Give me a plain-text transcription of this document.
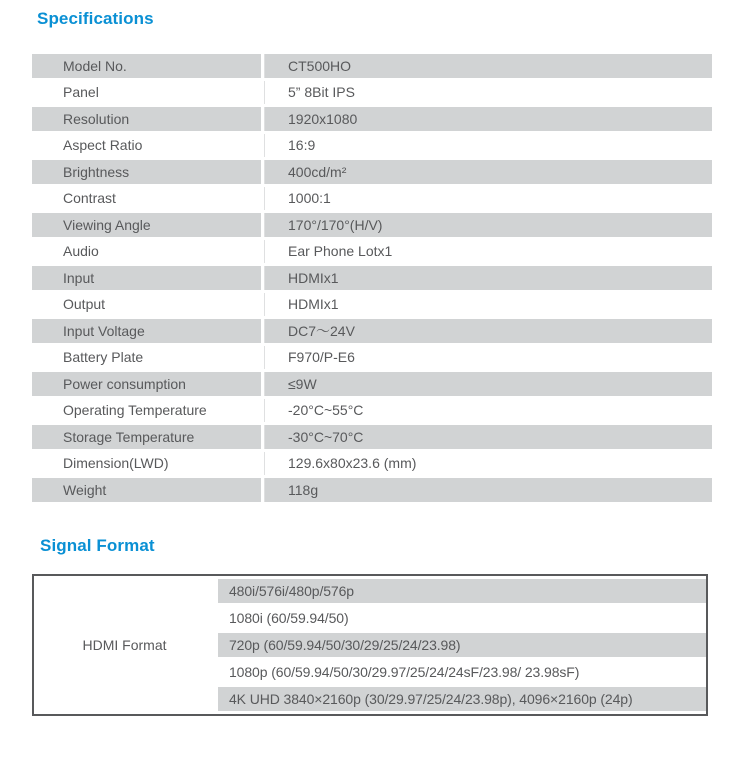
Specifications
Model No.	CT500HO
Panel	5” 8Bit IPS
Resolution	1920x1080
Aspect Ratio	16:9
Brightness	400cd/m²
Contrast	1000:1
Viewing Angle	170°/170°(H/V)
Audio	Ear Phone Lotx1
Input	HDMIx1
Output	HDMIx1
Input Voltage	DC7～24V
Battery Plate	F970/P-E6
Power consumption	≤9W
Operating Temperature	-20°C~55°C
Storage Temperature	-30°C~70°C
Dimension(LWD)	129.6x80x23.6 (mm)
Weight	118g
Signal Format
HDMI Format	480i/576i/480p/576p
1080i (60/59.94/50)
720p (60/59.94/50/30/29/25/24/23.98)
1080p (60/59.94/50/30/29.97/25/24/24sF/23.98/ 23.98sF)
4K UHD 3840×2160p (30/29.97/25/24/23.98p), 4096×2160p (24p)
